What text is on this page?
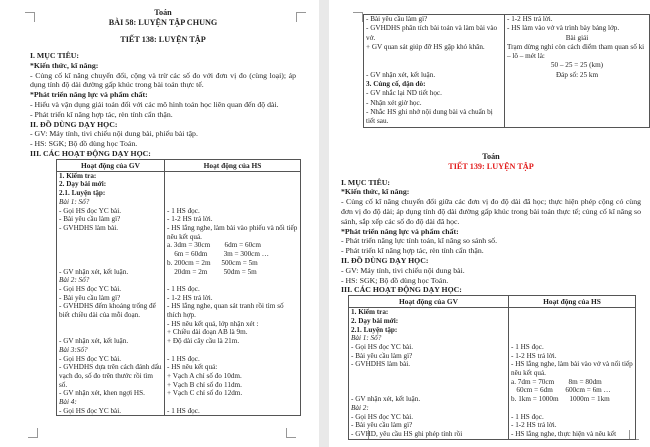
Toán
BÀI 58: LUYỆN TẬP CHUNG
TIẾT 138: LUYỆN TẬP
I. MỤC TIÊU:
*Kiến thức, kĩ năng:
- Củng cố kĩ năng chuyển đổi, cộng và trừ các số đo với đơn vị đo (cùng loại); áp dụng tính độ dài đường gấp khúc trong bài toán thực tế.
*Phát triển năng lực và phẩm chất:
- Hiểu và vận dụng giải toán đối với các mô hình toán học liên quan đến độ dài.
- Phát triển kĩ năng hợp tác, rèn tính cẩn thận.
II. ĐỒ DÙNG DẠY HỌC:
- GV: Máy tính, tivi chiếu nội dung bài, phiếu bài tập.
- HS: SGK; Bộ đồ dùng học Toán.
III. CÁC HOẠT ĐỘNG DẠY HỌC:
Hoạt động của GV	Hoạt động của HS

1. Kiểm tra:
2. Dạy bài mới:
2.1. Luyện tập:
Bài 1: Số?	

- Gọi HS đọc YC bài.	- 1 HS đọc.

- Bài yêu cầu làm gì?	- 1-2 HS trả lời.

- GVHDHS làm bài.	- HS lắng nghe, làm bài vào phiếu và nối tiếp nêu kết quả.
a. 3dm = 30cm        6dm = 60cm
6m = 60dm         3m = 300cm …
b. 200cm = 2m      500cm = 5m

- GV nhận xét, kết luận.	20dm = 2m         50dm = 5m

Bài 2: Số?	

- Gọi HS đọc YC bài.	- 1 HS đọc.

- Bài yêu cầu làm gì?	- 1-2 HS trả lời.

- GVHDHS đếm khoảng trống để biết chiều dài của mỗi đoạn.	- HS lắng nghe, quan sát tranh rồi tìm số thích hợp.
- HS nêu kết quả, lớp nhận xét :
+ Chiều dài đoạn AB là 9m.

- GV nhận xét, kết luận.	+ Độ dài cây cầu là 21m.

Bài 3:Số?	

- Gọi HS đọc YC bài.	- 1 HS đọc.

- GVHDHS dựa trên cách đánh dấu vạch đo, số đo trên thước rồi tìm số.	- HS nêu kết quả:
+ Vạch A chỉ số đo 10dm.
+ Vạch B chỉ số đo 11dm.

- GV nhận xét, khen ngợi HS.	+ Vạch C chỉ số đo 12dm.

Bài 4:	

- Gọi HS đọc YC bài.	- 1 HS đọc.
- Bài yêu cầu làm gì?	- 1-2 HS trả lời.

- GVHDHS phân tích bài toán và làm bài vào vở.	- HS làm vào vở và trình bày bảng lớp.
Bài giải

+ GV quan sát giúp đỡ HS gặp khó khăn.	Trạm dừng nghỉ còn cách điểm tham quan số ki – lô – mét là:
50 – 25 = 25 (km)

- GV nhận xét, kết luận.	Đáp số: 25 km

3. Củng cố, dặn dò:
- GV nhắc lại ND tiết học.
- Nhận xét giờ học.
- Nhắc HS ghi nhớ nội dung bài và chuẩn bị tiết sau.	

Toán
TIẾT 139: LUYỆN TẬP
I. MỤC TIÊU:
*Kiến thức, kĩ năng:
- Củng cố kĩ năng chuyển đổi giữa các đơn vị đo độ dài đã học; thực hiện phép cộng có cùng đơn vị đo độ dài; áp dụng tính độ dài đường gấp khúc trong bài toán thực tế; củng cố kĩ năng so sánh, sắp xếp các số đo độ dài đã học.
*Phát triển năng lực và phẩm chất:
- Phát triển năng lực tính toán, kĩ năng so sánh số.
- Phát triển kĩ năng hợp tác, rèn tính cẩn thận.
II. ĐỒ DÙNG DẠY HỌC:
- GV: Máy tính, tivi chiếu nội dung bài.
- HS: SGK; Bộ đồ dùng học Toán.
III. CÁC HOẠT ĐỘNG DẠY HỌC:
Hoạt động của GV	Hoạt động của HS

1. Kiểm tra:
2. Dạy bài mới:
2.1. Luyện tập:
Bài 1: Số?	

- Gọi HS đọc YC bài.	- 1 HS đọc.

- Bài yêu cầu làm gì?	- 1-2 HS trả lời.

- GVHDHS làm bài.	- HS lắng nghe, làm bài vào vở và nối tiếp nêu kết quả.
a. 7dm = 70cm        8m = 80dm
60cm = 6dm       600cm = 6m …

- GV nhận xét, kết luận.	b. 1km = 1000m      1000m = 1km

Bài 2:	

- Gọi HS đọc YC bài.	- 1 HS đọc.

- Bài yêu cầu làm gì?	- 1-2 HS trả lời.

- GVHD, yêu cầu HS ghi phép tính rồi	- HS lắng nghe, thực hiện và nêu kết
